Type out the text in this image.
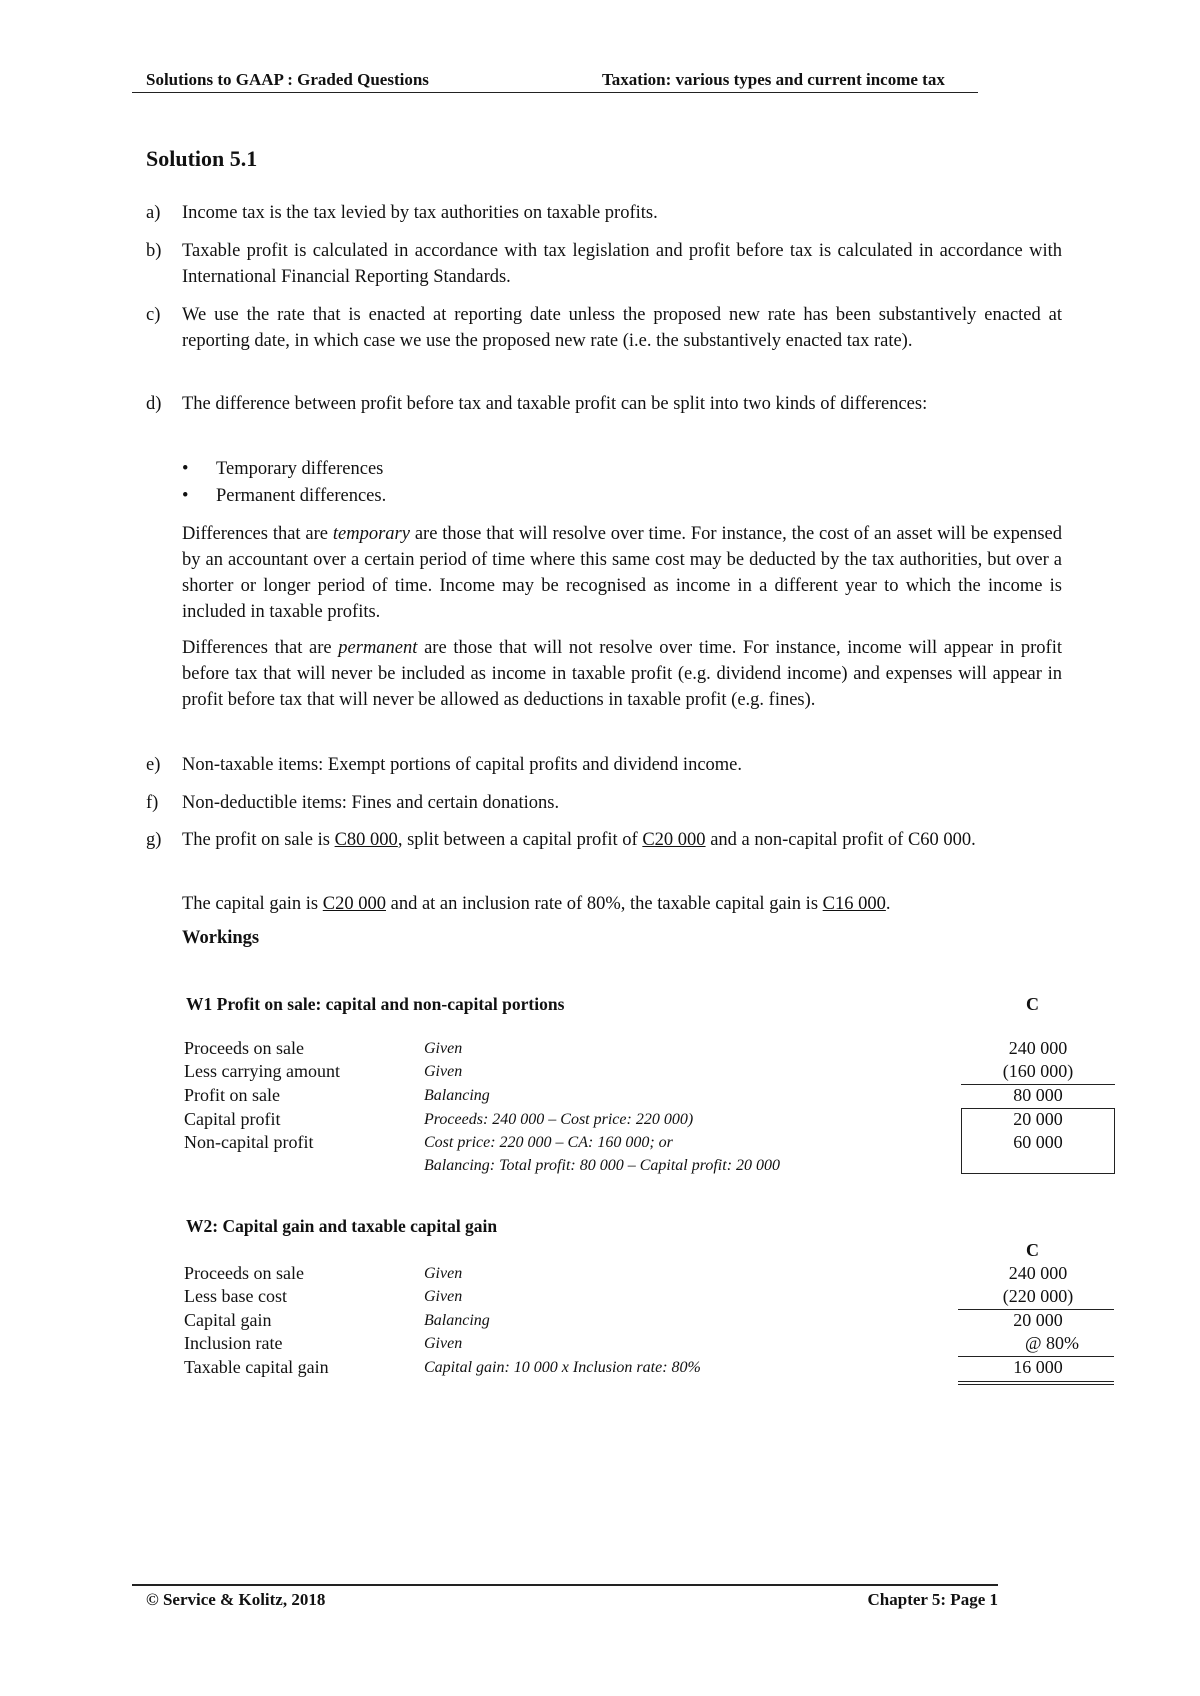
Solutions to GAAP : Graded Questions	Taxation: various types and current income tax
Solution 5.1
a) Income tax is the tax levied by tax authorities on taxable profits.
b) Taxable profit is calculated in accordance with tax legislation and profit before tax is calculated in accordance with International Financial Reporting Standards.
c) We use the rate that is enacted at reporting date unless the proposed new rate has been substantively enacted at reporting date, in which case we use the proposed new rate (i.e. the substantively enacted tax rate).
d) The difference between profit before tax and taxable profit can be split into two kinds of differences:
• Temporary differences
• Permanent differences.
Differences that are temporary are those that will resolve over time. For instance, the cost of an asset will be expensed by an accountant over a certain period of time where this same cost may be deducted by the tax authorities, but over a shorter or longer period of time. Income may be recognised as income in a different year to which the income is included in taxable profits.
Differences that are permanent are those that will not resolve over time. For instance, income will appear in profit before tax that will never be included as income in taxable profit (e.g. dividend income) and expenses will appear in profit before tax that will never be allowed as deductions in taxable profit (e.g. fines).
e) Non-taxable items: Exempt portions of capital profits and dividend income.
f) Non-deductible items: Fines and certain donations.
g) The profit on sale is C80 000, split between a capital profit of C20 000 and a non-capital profit of C60 000.
The capital gain is C20 000 and at an inclusion rate of 80%, the taxable capital gain is C16 000.
Workings
W1 Profit on sale: capital and non-capital portions	C
Proceeds on sale	Given	240 000
Less carrying amount	Given	(160 000)
Profit on sale	Balancing	80 000
Capital profit	Proceeds: 240 000 – Cost price: 220 000)	20 000
Non-capital profit	Cost price: 220 000 – CA: 160 000; or	60 000
Balancing: Total profit: 80 000 – Capital profit: 20 000
W2: Capital gain and taxable capital gain
C
Proceeds on sale	Given	240 000
Less base cost	Given	(220 000)
Capital gain	Balancing	20 000
Inclusion rate	Given	@ 80%
Taxable capital gain	Capital gain: 10 000 x Inclusion rate: 80%	16 000
© Service & Kolitz, 2018	Chapter 5: Page 1
